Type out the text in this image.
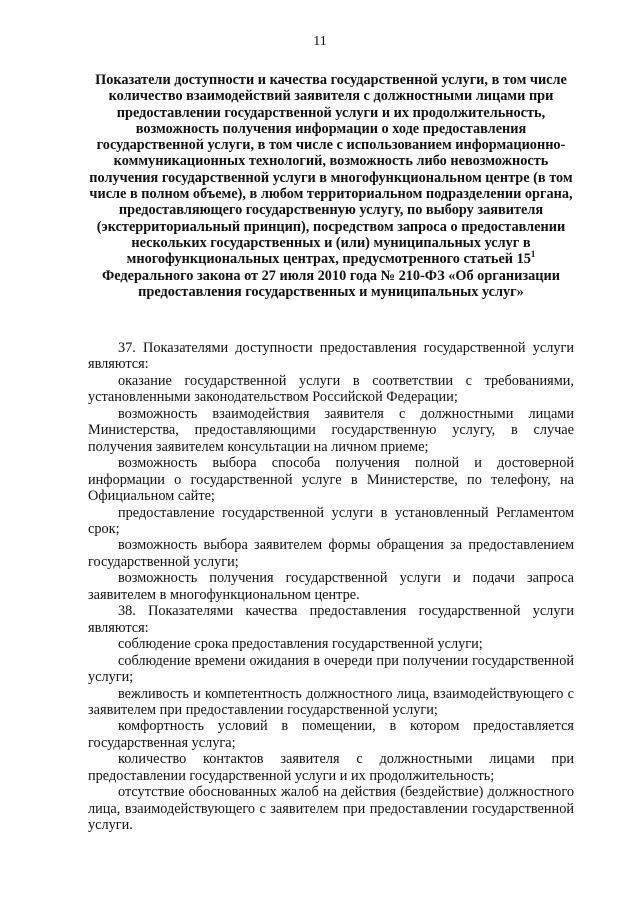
11
Показатели доступности и качества государственной услуги, в том числе количество взаимодействий заявителя с должностными лицами при предоставлении государственной услуги и их продолжительность, возможность получения информации о ходе предоставления государственной услуги, в том числе с использованием информационно-коммуникационных технологий, возможность либо невозможность получения государственной услуги в многофункциональном центре (в том числе в полном объеме), в любом территориальном подразделении органа, предоставляющего государственную услугу, по выбору заявителя (экстерриториальный принцип), посредством запроса о предоставлении нескольких государственных и (или) муниципальных услуг в многофункциональных центрах, предусмотренного статьей $15^1$ Федерального закона от 27 июля 2010 года № 210-ФЗ «Об организации предоставления государственных и муниципальных услуг»

37. Показателями доступности предоставления государственной услуги являются:

оказание государственной услуги в соответствии с требованиями, установленными законодательством Российской Федерации;

возможность взаимодействия заявителя с должностными лицами Министерства, предоставляющими государственную услугу, в случае получения заявителем консультации на личном приеме;

возможность выбора способа получения полной и достоверной информации о государственной услуге в Министерстве, по телефону, на Официальном сайте;

предоставление государственной услуги в установленный Регламентом срок;

возможность выбора заявителем формы обращения за предоставлением государственной услуги;

возможность получения государственной услуги и подачи запроса заявителем в многофункциональном центре.

38. Показателями качества предоставления государственной услуги являются:

соблюдение срока предоставления государственной услуги;

соблюдение времени ожидания в очереди при получении государственной услуги;

вежливость и компетентность должностного лица, взаимодействующего с заявителем при предоставлении государственной услуги;

комфортность условий в помещении, в котором предоставляется государственная услуга;

количество контактов заявителя с должностными лицами при предоставлении государственной услуги и их продолжительность;

отсутствие обоснованных жалоб на действия (бездействие) должностного лица, взаимодействующего с заявителем при предоставлении государственной услуги.
